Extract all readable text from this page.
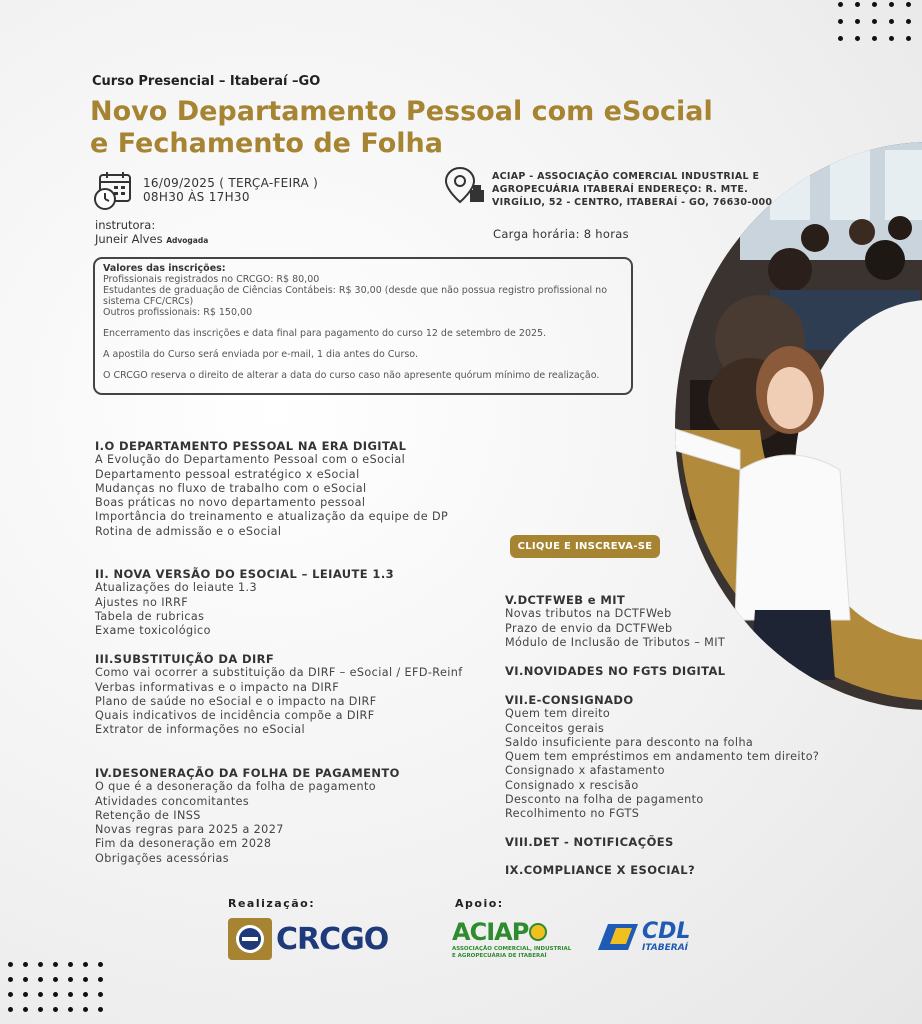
Curso Presencial – Itaberaí –GO
Novo Departamento Pessoal com eSocial e Fechamento de Folha
16/09/2025 ( TERÇA-FEIRA )
08H30 ÀS 17H30
ACIAP - ASSOCIAÇÃO COMERCIAL INDUSTRIAL E AGROPECUÁRIA ITABERAÍ ENDEREÇO: R. MTE. VIRGÍLIO, 52 - CENTRO, ITABERAÍ - GO, 76630-000
instrutora:
Juneir Alves Advogada	Carga horária: 8 horas

Valores das inscrições:

Profissionais registrados no CRCGO: R$ 80,00

Estudantes de graduação de Ciências Contábeis: R$ 30,00 (desde que não possua registro profissional no sistema CFC/CRCs)

Outros profissionais: R$ 150,00

Encerramento das inscrições e data final para pagamento do curso 12 de setembro de 2025.

A apostila do Curso será enviada por e-mail, 1 dia antes do Curso.

O CRCGO reserva o direito de alterar a data do curso caso não apresente quórum mínimo de realização.

CLIQUE E INSCREVA-SE
I.O DEPARTAMENTO PESSOAL NA ERA DIGITAL
A Evolução do Departamento Pessoal com o eSocial
Departamento pessoal estratégico x eSocial
Mudanças no fluxo de trabalho com o eSocial
Boas práticas no novo departamento pessoal
Importância do treinamento e atualização da equipe de DP
Rotina de admissão e o eSocial
II. NOVA VERSÃO DO ESOCIAL – LEIAUTE 1.3
Atualizações do leiaute 1.3
Ajustes no IRRF
Tabela de rubricas
Exame toxicológico
III.SUBSTITUIÇÃO DA DIRF
Como vai ocorrer a substituição da DIRF – eSocial / EFD-Reinf
Verbas informativas e o impacto na DIRF
Plano de saúde no eSocial e o impacto na DIRF
Quais indicativos de incidência compõe a DIRF
Extrator de informações no eSocial
IV.DESONERAÇÃO DA FOLHA DE PAGAMENTO
O que é a desoneração da folha de pagamento
Atividades concomitantes
Retenção de INSS
Novas regras para 2025 a 2027
Fim da desoneração em 2028
Obrigações acessórias
V.DCTFWEB e MIT
Novas tributos na DCTFWeb
Prazo de envio da DCTFWeb
Módulo de Inclusão de Tributos – MIT
VI.NOVIDADES NO FGTS DIGITAL
VII.E-CONSIGNADO
Quem tem direito
Conceitos gerais
Saldo insuficiente para desconto na folha
Quem tem empréstimos em andamento tem direito?
Consignado x afastamento
Consignado x rescisão
Desconto na folha de pagamento
Recolhimento no FGTS
VIII.DET - NOTIFICAÇÕES
IX.COMPLIANCE X ESOCIAL?
Realização:	Apoio:
CRCGO	ACIAP
ASSOCIAÇÃO COMERCIAL, INDUSTRIAL E AGROPECUÁRIA DE ITABERAÍ
CDL
ITABERAÍ
